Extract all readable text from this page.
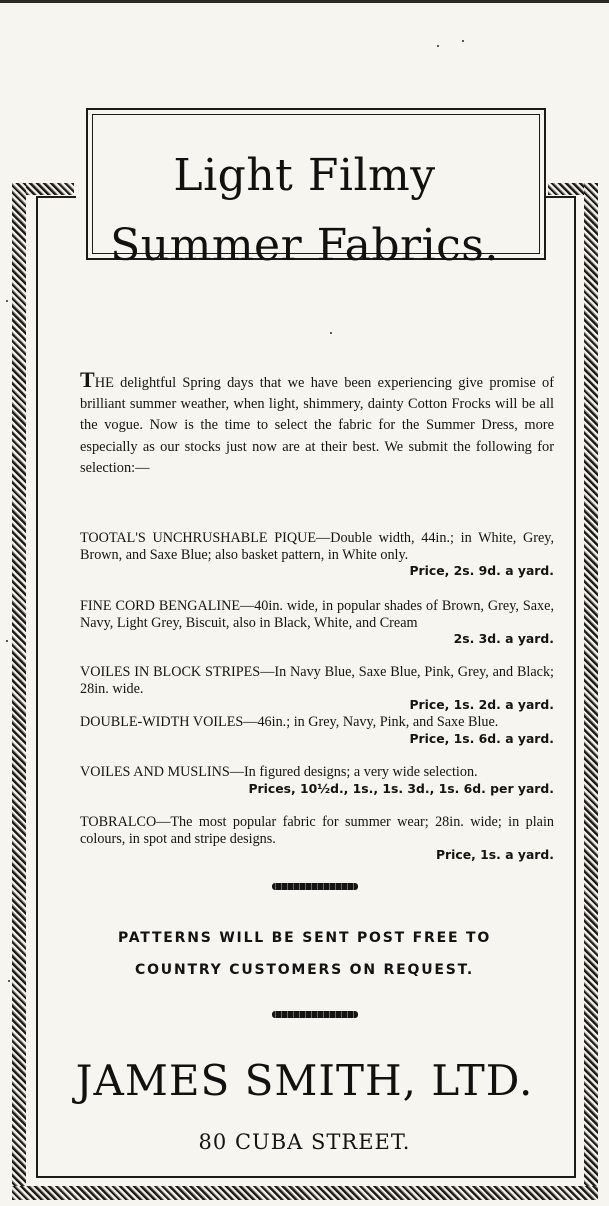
Light Filmy
Summer Fabrics.
THE delightful Spring days that we have been experiencing give promise of brilliant summer weather, when light, shimmery, dainty Cotton Frocks will be all the vogue. Now is the time to select the fabric for the Summer Dress, more especially as our stocks just now are at their best. We submit the following for selection:—
TOOTAL'S UNCHRUSHABLE PIQUE—Double width, 44in.; in White, Grey, Brown, and Saxe Blue; also basket pattern, in White only.
Price, 2s. 9d. a yard.
FINE CORD BENGALINE—40in. wide, in popular shades of Brown, Grey, Saxe, Navy, Light Grey, Biscuit, also in Black, White, and Cream
2s. 3d. a yard.
VOILES IN BLOCK STRIPES—In Navy Blue, Saxe Blue, Pink, Grey, and Black; 28in. wide.
Price, 1s. 2d. a yard.
DOUBLE-WIDTH VOILES—46in.; in Grey, Navy, Pink, and Saxe Blue.
Price, 1s. 6d. a yard.
VOILES AND MUSLINS—In figured designs; a very wide selection.
Prices, 10½d., 1s., 1s. 3d., 1s. 6d. per yard.
TOBRALCO—The most popular fabric for summer wear; 28in. wide; in plain colours, in spot and stripe designs.
Price, 1s. a yard.
PATTERNS WILL BE SENT POST FREE TO
COUNTRY CUSTOMERS ON REQUEST.
JAMES SMITH, LTD.
80 CUBA STREET.
